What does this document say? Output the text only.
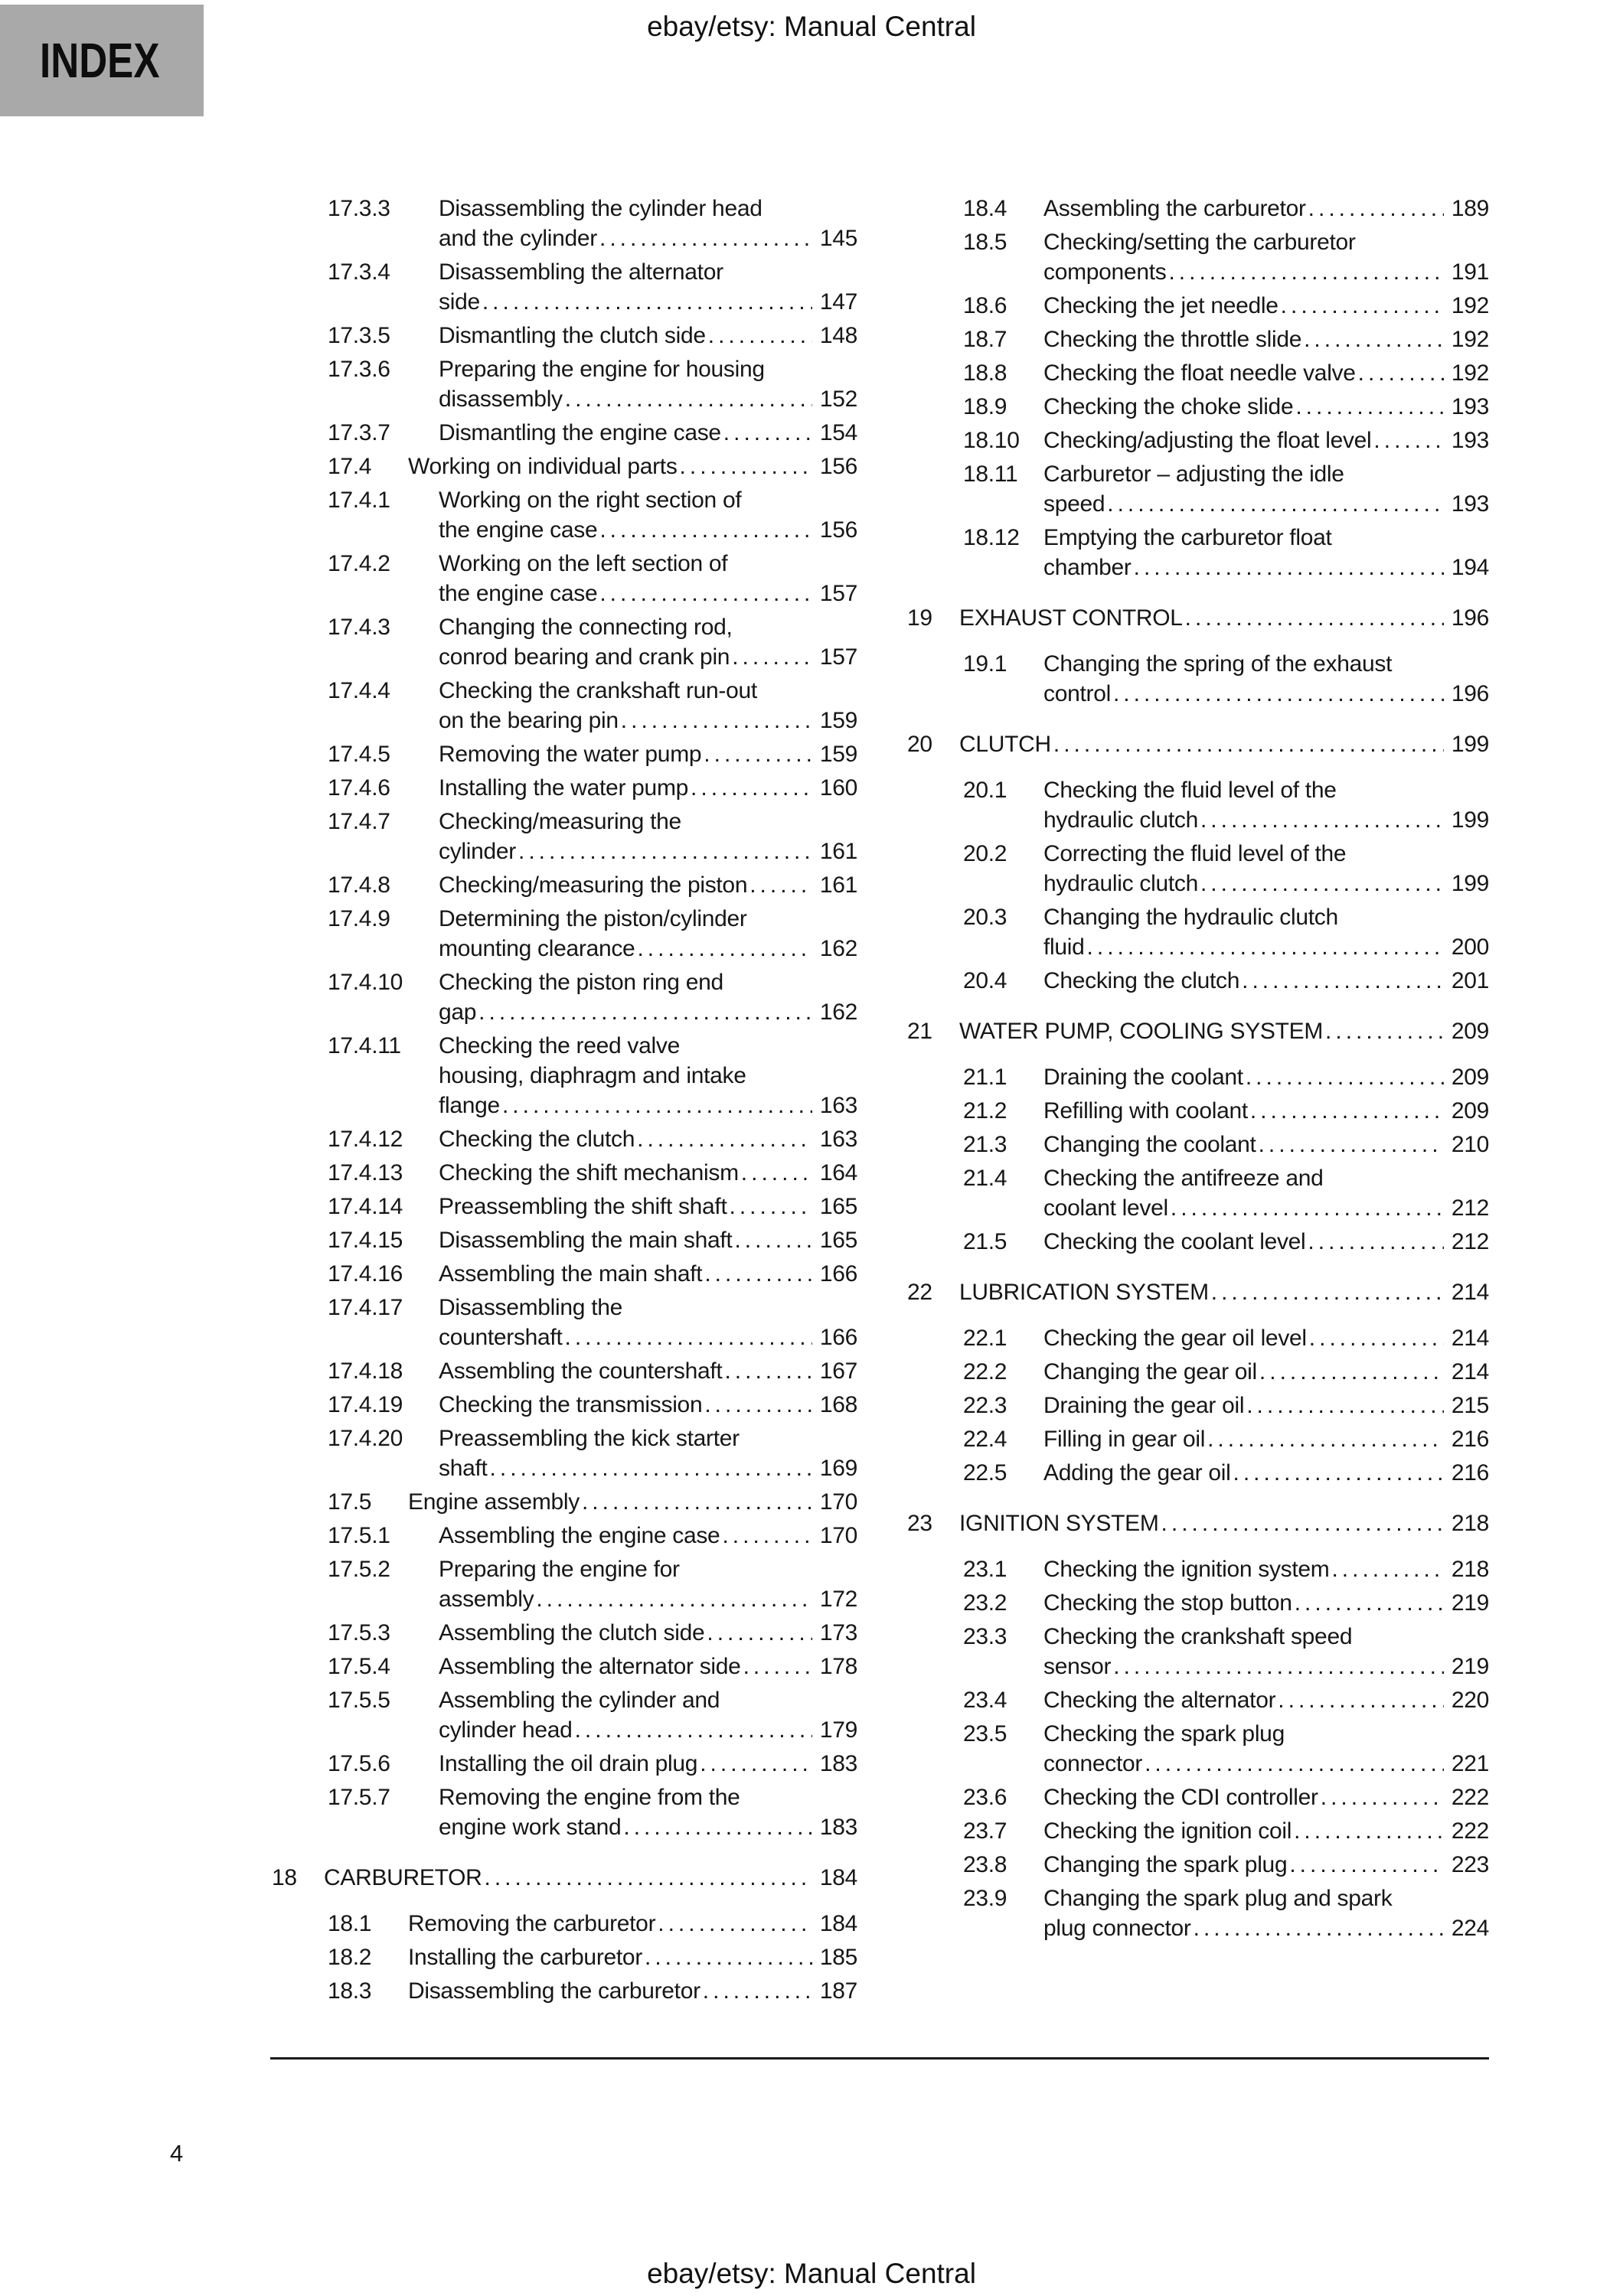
INDEX
ebay/etsy: Manual Central
17.3.3 Disassembling the cylinder head
and the cylinder .....	145
17.3.4 Disassembling the alternator
side .....	147
17.3.5 Dismantling the clutch side .....	148
17.3.6 Preparing the engine for housing
disassembly .....	152
17.3.7 Dismantling the engine case .....	154
17.4 Working on individual parts .....	156
17.4.1 Working on the right section of
the engine case .....	156
17.4.2 Working on the left section of
the engine case .....	157
17.4.3 Changing the connecting rod,
conrod bearing and crank pin .....	157
17.4.4 Checking the crankshaft run-out
on the bearing pin .....	159
17.4.5 Removing the water pump .....	159
17.4.6 Installing the water pump .....	160
17.4.7 Checking/measuring the
cylinder .....	161
17.4.8 Checking/measuring the piston .....	161
17.4.9 Determining the piston/cylinder
mounting clearance .....	162
17.4.10 Checking the piston ring end
gap .....	162
17.4.11 Checking the reed valve
housing, diaphragm and intake
flange .....	163
17.4.12 Checking the clutch .....	163
17.4.13 Checking the shift mechanism .....	164
17.4.14 Preassembling the shift shaft .....	165
17.4.15 Disassembling the main shaft .....	165
17.4.16 Assembling the main shaft .....	166
17.4.17 Disassembling the
countershaft .....	166
17.4.18 Assembling the countershaft .....	167
17.4.19 Checking the transmission .....	168
17.4.20 Preassembling the kick starter
shaft .....	169
17.5 Engine assembly .....	170
17.5.1 Assembling the engine case .....	170
17.5.2 Preparing the engine for
assembly .....	172
17.5.3 Assembling the clutch side .....	173
17.5.4 Assembling the alternator side .....	178
17.5.5 Assembling the cylinder and
cylinder head .....	179
17.5.6 Installing the oil drain plug .....	183
17.5.7 Removing the engine from the
engine work stand .....	183
18 CARBURETOR .....	184
18.1 Removing the carburetor .....	184
18.2 Installing the carburetor .....	185
18.3 Disassembling the carburetor .....	187
18.4 Assembling the carburetor .....	189
18.5 Checking/setting the carburetor
components .....	191
18.6 Checking the jet needle .....	192
18.7 Checking the throttle slide .....	192
18.8 Checking the float needle valve .....	192
18.9 Checking the choke slide .....	193
18.10 Checking/adjusting the float level .....	193
18.11 Carburetor – adjusting the idle
speed .....	193
18.12 Emptying the carburetor float
chamber .....	194
19 EXHAUST CONTROL .....	196
19.1 Changing the spring of the exhaust
control .....	196
20 CLUTCH .....	199
20.1 Checking the fluid level of the
hydraulic clutch .....	199
20.2 Correcting the fluid level of the
hydraulic clutch .....	199
20.3 Changing the hydraulic clutch
fluid .....	200
20.4 Checking the clutch .....	201
21 WATER PUMP, COOLING SYSTEM .....	209
21.1 Draining the coolant .....	209
21.2 Refilling with coolant .....	209
21.3 Changing the coolant .....	210
21.4 Checking the antifreeze and
coolant level .....	212
21.5 Checking the coolant level .....	212
22 LUBRICATION SYSTEM .....	214
22.1 Checking the gear oil level .....	214
22.2 Changing the gear oil .....	214
22.3 Draining the gear oil .....	215
22.4 Filling in gear oil .....	216
22.5 Adding the gear oil .....	216
23 IGNITION SYSTEM .....	218
23.1 Checking the ignition system .....	218
23.2 Checking the stop button .....	219
23.3 Checking the crankshaft speed
sensor .....	219
23.4 Checking the alternator .....	220
23.5 Checking the spark plug
connector .....	221
23.6 Checking the CDI controller .....	222
23.7 Checking the ignition coil .....	222
23.8 Changing the spark plug .....	223
23.9 Changing the spark plug and spark
plug connector .....	224
4
ebay/etsy: Manual Central
